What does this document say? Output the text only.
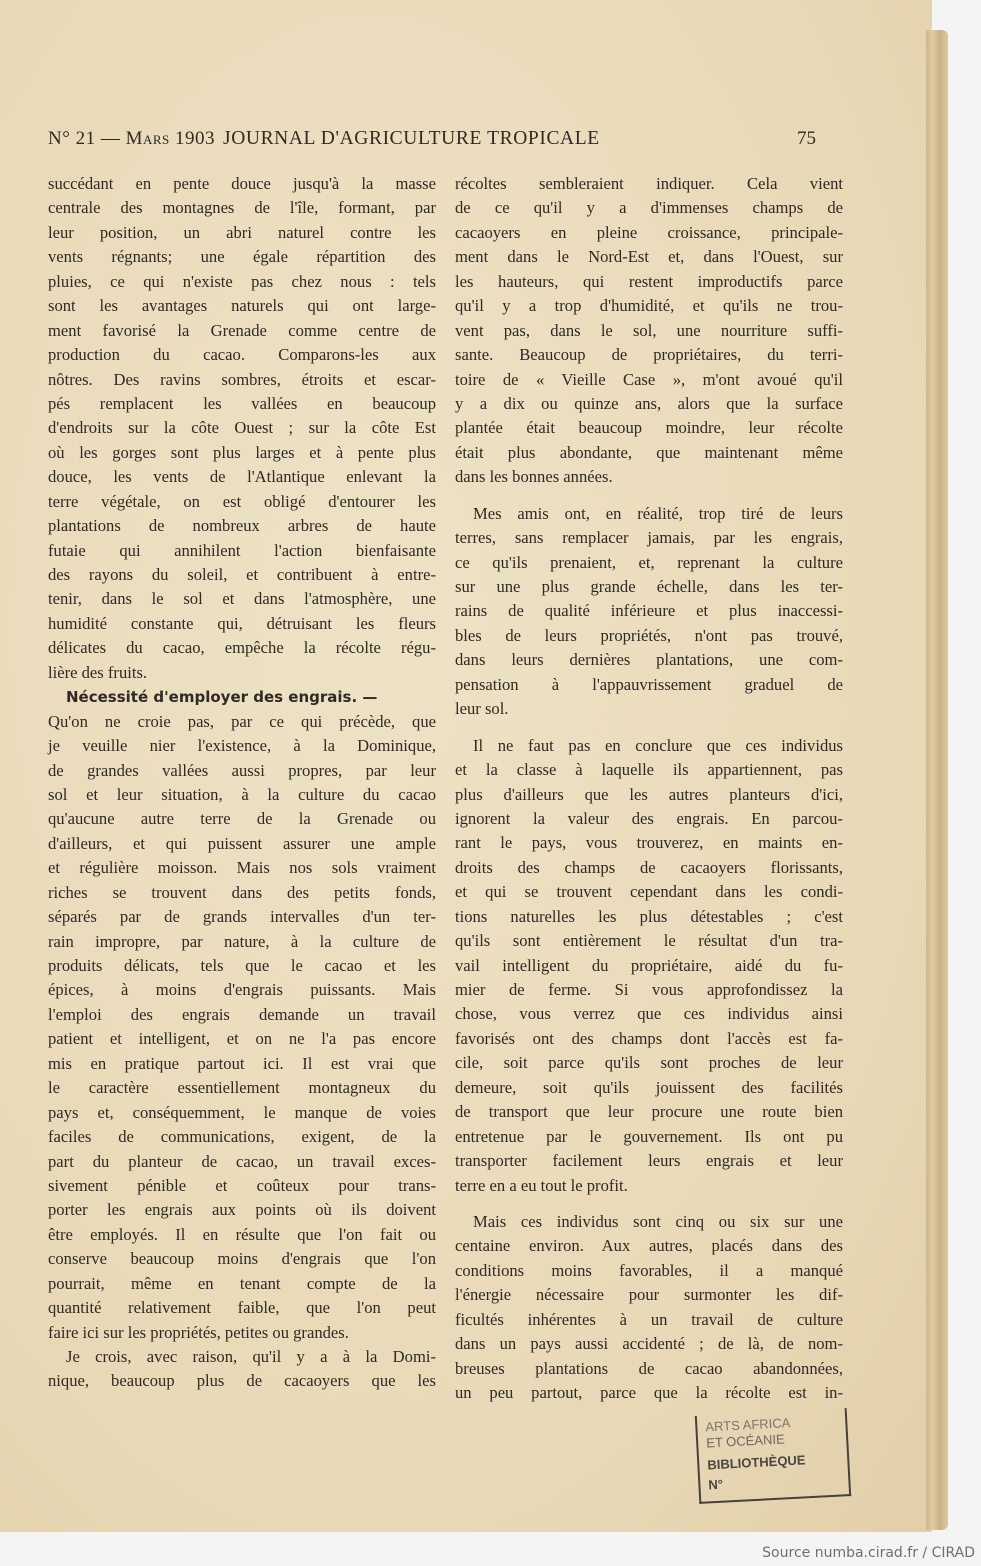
N° 21 — Mars 1903 JOURNAL D'AGRICULTURE TROPICALE	75
succédant en pente douce jusqu'à la masse
centrale des montagnes de l'île, formant, par
leur position, un abri naturel contre les
vents régnants; une égale répartition des
pluies, ce qui n'existe pas chez nous : tels
sont les avantages naturels qui ont large-
ment favorisé la Grenade comme centre de
production du cacao. Comparons-les aux
nôtres. Des ravins sombres, étroits et escar-
pés remplacent les vallées en beaucoup
d'endroits sur la côte Ouest ; sur la côte Est
où les gorges sont plus larges et à pente plus
douce, les vents de l'Atlantique enlevant la
terre végétale, on est obligé d'entourer les
plantations de nombreux arbres de haute
futaie qui annihilent l'action bienfaisante
des rayons du soleil, et contribuent à entre-
tenir, dans le sol et dans l'atmosphère, une
humidité constante qui, détruisant les fleurs
délicates du cacao, empêche la récolte régu-
lière des fruits.
Nécessité d'employer des engrais. —
Qu'on ne croie pas, par ce qui précède, que
je veuille nier l'existence, à la Dominique,
de grandes vallées aussi propres, par leur
sol et leur situation, à la culture du cacao
qu'aucune autre terre de la Grenade ou
d'ailleurs, et qui puissent assurer une ample
et régulière moisson. Mais nos sols vraiment
riches se trouvent dans des petits fonds,
séparés par de grands intervalles d'un ter-
rain impropre, par nature, à la culture de
produits délicats, tels que le cacao et les
épices, à moins d'engrais puissants. Mais
l'emploi des engrais demande un travail
patient et intelligent, et on ne l'a pas encore
mis en pratique partout ici. Il est vrai que
le caractère essentiellement montagneux du
pays et, conséquemment, le manque de voies
faciles de communications, exigent, de la
part du planteur de cacao, un travail exces-
sivement pénible et coûteux pour trans-
porter les engrais aux points où ils doivent
être employés. Il en résulte que l'on fait ou
conserve beaucoup moins d'engrais que l'on
pourrait, même en tenant compte de la
quantité relativement faible, que l'on peut
faire ici sur les propriétés, petites ou grandes.
Je crois, avec raison, qu'il y a à la Domi-
nique, beaucoup plus de cacaoyers que les
récoltes sembleraient indiquer. Cela vient
de ce qu'il y a d'immenses champs de
cacaoyers en pleine croissance, principale-
ment dans le Nord-Est et, dans l'Ouest, sur
les hauteurs, qui restent improductifs parce
qu'il y a trop d'humidité, et qu'ils ne trou-
vent pas, dans le sol, une nourriture suffi-
sante. Beaucoup de propriétaires, du terri-
toire de « Vieille Case », m'ont avoué qu'il
y a dix ou quinze ans, alors que la surface
plantée était beaucoup moindre, leur récolte
était plus abondante, que maintenant même
dans les bonnes années.
Mes amis ont, en réalité, trop tiré de leurs
terres, sans remplacer jamais, par les engrais,
ce qu'ils prenaient, et, reprenant la culture
sur une plus grande échelle, dans les ter-
rains de qualité inférieure et plus inaccessi-
bles de leurs propriétés, n'ont pas trouvé,
dans leurs dernières plantations, une com-
pensation à l'appauvrissement graduel de
leur sol.
Il ne faut pas en conclure que ces individus
et la classe à laquelle ils appartiennent, pas
plus d'ailleurs que les autres planteurs d'ici,
ignorent la valeur des engrais. En parcou-
rant le pays, vous trouverez, en maints en-
droits des champs de cacaoyers florissants,
et qui se trouvent cependant dans les condi-
tions naturelles les plus détestables ; c'est
qu'ils sont entièrement le résultat d'un tra-
vail intelligent du propriétaire, aidé du fu-
mier de ferme. Si vous approfondissez la
chose, vous verrez que ces individus ainsi
favorisés ont des champs dont l'accès est fa-
cile, soit parce qu'ils sont proches de leur
demeure, soit qu'ils jouissent des facilités
de transport que leur procure une route bien
entretenue par le gouvernement. Ils ont pu
transporter facilement leurs engrais et leur
terre en a eu tout le profit.
Mais ces individus sont cinq ou six sur une
centaine environ. Aux autres, placés dans des
conditions moins favorables, il a manqué
l'énergie nécessaire pour surmonter les dif-
ficultés inhérentes à un travail de culture
dans un pays aussi accidenté ; de là, de nom-
breuses plantations de cacao abandonnées,
un peu partout, parce que la récolte est in-
ARTS AFRICA
ET OCÉANIE
BIBLIOTHÈQUE
N°
Source numba.cirad.fr / CIRAD
